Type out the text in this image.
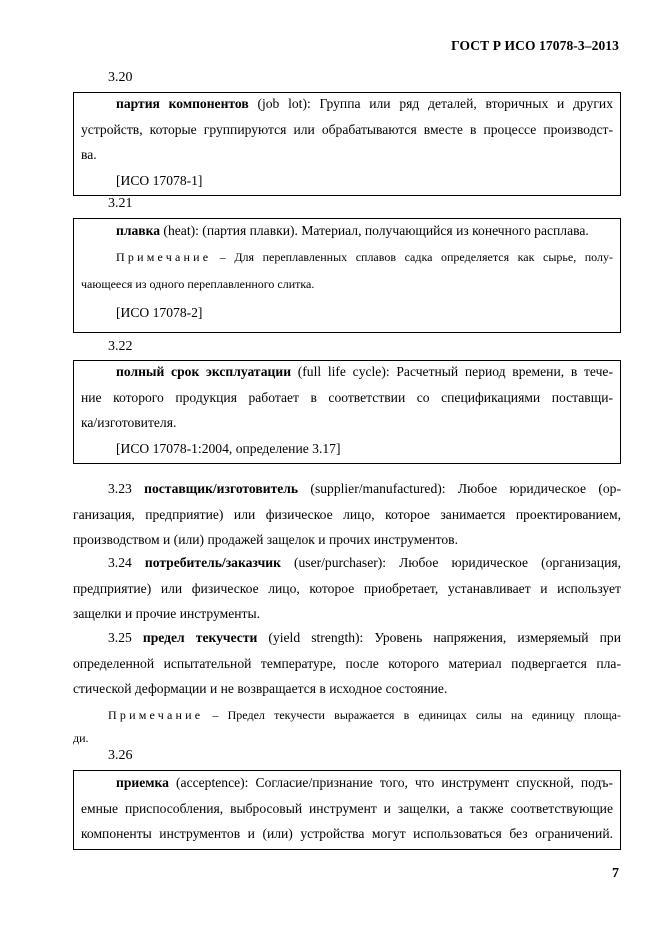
ГОСТ Р ИСО 17078-3–2013
3.20
партия компонентов (job lot): Группа или ряд деталей, вторичных и других
устройств, которые группируются или обрабатываются вместе в процессе производст-
ва.
[ИСО 17078-1]
3.21
плавка (heat): (партия плавки). Материал, получающийся из конечного расплава.
Примечание – Для переплавленных сплавов садка определяется как сырье, полу-
чающееся из одного переплавленного слитка.
[ИСО 17078-2]
3.22
полный срок эксплуатации (full life cycle): Расчетный период времени, в тече-
ние которого продукция работает в соответствии со спецификациями поставщи-
ка/изготовителя.
[ИСО 17078-1:2004, определение 3.17]
3.23 поставщик/изготовитель (supplier/manufactured): Любое юридическое (ор-
ганизация, предприятие) или физическое лицо, которое занимается проектированием,
производством и (или) продажей защелок и прочих инструментов.
3.24 потребитель/заказчик (user/purchaser): Любое юридическое (организация,
предприятие) или физическое лицо, которое приобретает, устанавливает и использует
защелки и прочие инструменты.
3.25 предел текучести (yield strength): Уровень напряжения, измеряемый при
определенной испытательной температуре, после которого материал подвергается пла-
стической деформации и не возвращается в исходное состояние.
Примечание – Предел текучести выражается в единицах силы на единицу площа-
ди.
3.26
приемка (acceptence): Согласие/признание того, что инструмент спускной, подъ-
емные приспособления, выбросовый инструмент и защелки, а также соответствующие
компоненты инструментов и (или) устройства могут использоваться без ограничений.
7
